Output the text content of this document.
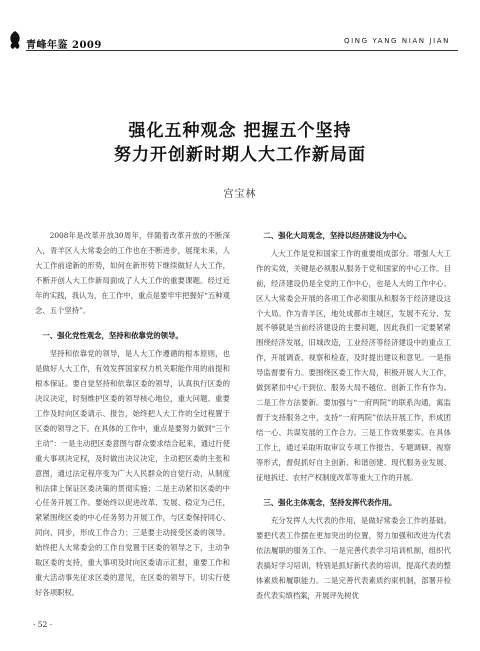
青峰年鉴 2009	QING YANG NIAN JIAN
强化五种观念 把握五个坚持
努力开创新时期人大工作新局面
宫宝林

2008年是改革开放30周年，伴随着改革开放的不断深入，青羊区人大常委会的工作也在不断进步，展现未来，人大工作前途新的形势，如何在新形势下继续做好人大工作，不断开创人大工作新局面成了人大工作的重要课题。经过近年的实践，我认为，在工作中，重点是要牢牢把握好“五种观念、五个坚持”。

一、强化党性观念，坚持和依靠党的领导。

坚持和依靠党的领导，是人大工作遵循的根本原则，也是做好人大工作，有效发挥国家权力机关职能作用的前提和根本保证。要自觉坚持和依靠区委的领导，认真执行区委的决议决定，时刻维护区委的领导核心地位，重大问题、重要工作及时向区委请示、报告，始终把人大工作的全过程置于区委的领导之下。在具体的工作中，重点是要努力做到“三个主动”：一是主动把区委意图与群众要求结合起来，通过行使重大事项决定权，及时做出决议决定，主动把区委的主张和意图，通过法定程序变为广大人民群众的自觉行动，从制度和法律上保证区委决策的贯彻实施；二是主动紧扣区委的中心任务开展工作。要始终以促进改革、发展、稳定为己任，紧紧围绕区委的中心任务努力开展工作，与区委保持同心、同向、同步，形成工作合力；三是要主动接受区委的领导。始终把人大常委会的工作自觉置于区委的领导之下，主动争取区委的支持，重大事项及时向区委请示汇报，重要工作和重大活动事先征求区委的意见，在区委的领导下，切实行使好各项职权。

二、强化大局观念，坚持以经济建设为中心。

人大工作是党和国家工作的重要组成部分。增强人大工作的实效，关键是必须服从服务于党和国家的中心工作。目前，经济建设仍是全党的工作中心，也是人大的工作中心。区人大常委会开展的各项工作必须服从和服务于经济建设这个大局。作为青羊区，地处成都市主城区，发展不充分、发展不够就是当前经济建设的主要问题，因此我们一定要紧紧围绕经济发展，旧城改造，工业经济等经济建设中的重点工作，开展调查、视察和检查，及时提出建议和意见。一是指导监督要有力。要围绕区委工作大局，积极开展人大工作，做到紧扣中心干到位、服务大局不越位、创新工作有作为。二是工作方法要新。要加强与“一府两院”的联系沟通，寓监督于支持服务之中，支持“一府两院”依法开展工作，形成团结一心、共谋发展的工作合力。三是工作效果要实。在具体工作上，通过采取听取审议专项工作报告、专题调研、视察等形式，督促抓好自主创新、和谐创建、现代服务业发展、征地拆迁、农村产权制度改革等重大工作的开展。

三、强化主体观念，坚持发挥代表作用。

充分发挥人大代表的作用，是做好常委会工作的基础。要把代表工作摆在更加突出的位置，努力加强和改进为代表依法履职的服务工作。一是完善代表学习培训机制，组织代表搞好学习培训，特别是抓好新代表的培训，提高代表的整体素质和履职能力。二是完善代表素质约束机制，部署开检查代表实绩档案，开展评先树优

· 52 ·
